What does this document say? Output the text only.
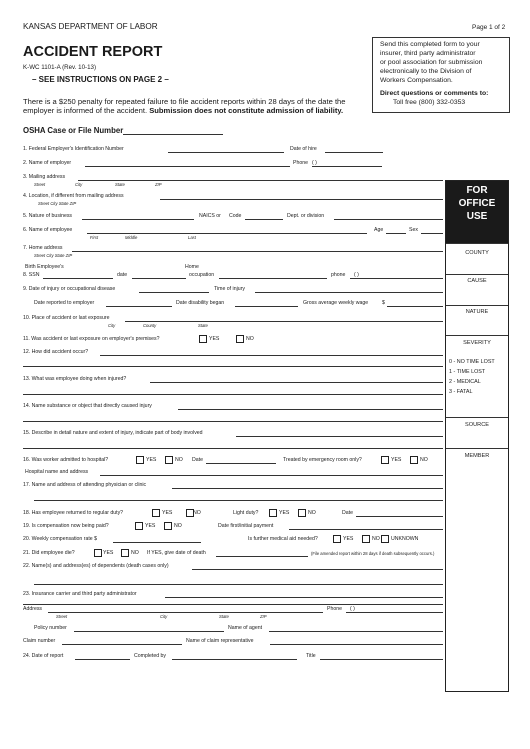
KANSAS DEPARTMENT OF LABOR	Page 1 of 2
ACCIDENT REPORT
K-WC 1101-A (Rev. 10-13)
– SEE INSTRUCTIONS ON PAGE 2 –
There is a $250 penalty for repeated failure to file accident reports within 28 days of the date the
employer is informed of the accident. Submission does not constitute admission of liability.
OSHA Case or File Number
Send this completed form to your
insurer, third party administrator
or pool association for submission
electronically to the Division of
Workers Compensation.
Direct questions or comments to:
Toll free (800) 332-0353
FOR
OFFICE
USE
COUNTY
CAUSE
NATURE
SEVERITY
0 - NO TIME LOST
1 - TIME LOST
2 - MEDICAL
3 - FATAL
SOURCE
MEMBER
1. Federal Employer's Identification Number	Date of hire
2. Name of employer	Phone ( )
3. Mailing address
Street	City	State	ZIP
4. Location, if different from mailing address
Street City State ZIP
5. Nature of business	NAICS or Code	Dept. or division
6. Name of employee
First	Middle	Last
Age	Sex
7. Home address
Street City State ZIP
Birth Employee's	Home
8. SSN	date	occupation	phone ( )
9. Date of injury or occupational disease	Time of injury
Date reported to employer	Date disability began	Gross average weekly wage	$
10. Place of accident or last exposure
City	County	State
11. Was accident or last exposure on employer's premises?	YES	NO
12. How did accident occur?
13. What was employee doing when injured?
14. Name substance or object that directly caused injury
15. Describe in detail nature and extent of injury, indicate part of body involved
16. Was worker admitted to hospital?	YES	NO Date	Treated by emergency room only?	YES	NO
Hospital name and address
17. Name and address of attending physician or clinic
18. Has employee returned to regular duty?	YES	NO	Light duty?	YES	NO	Date
19. Is compensation now being paid?	YES	NO	Date first/initial payment
20. Weekly compensation rate $	Is further medical aid needed?	YES	NO UNKNOWN
21. Did employee die?	YES	NO If YES, give date of death	(File amended report within 28 days if death subsequently occurs.)
22. Name(s) and address(es) of dependents (death cases only)
23. Insurance carrier and third party administrator
Address	Phone ( )
Street	City	State	ZIP
Policy number	Name of agent
Claim number	Name of claim representative
24. Date of report	Completed by	Title
